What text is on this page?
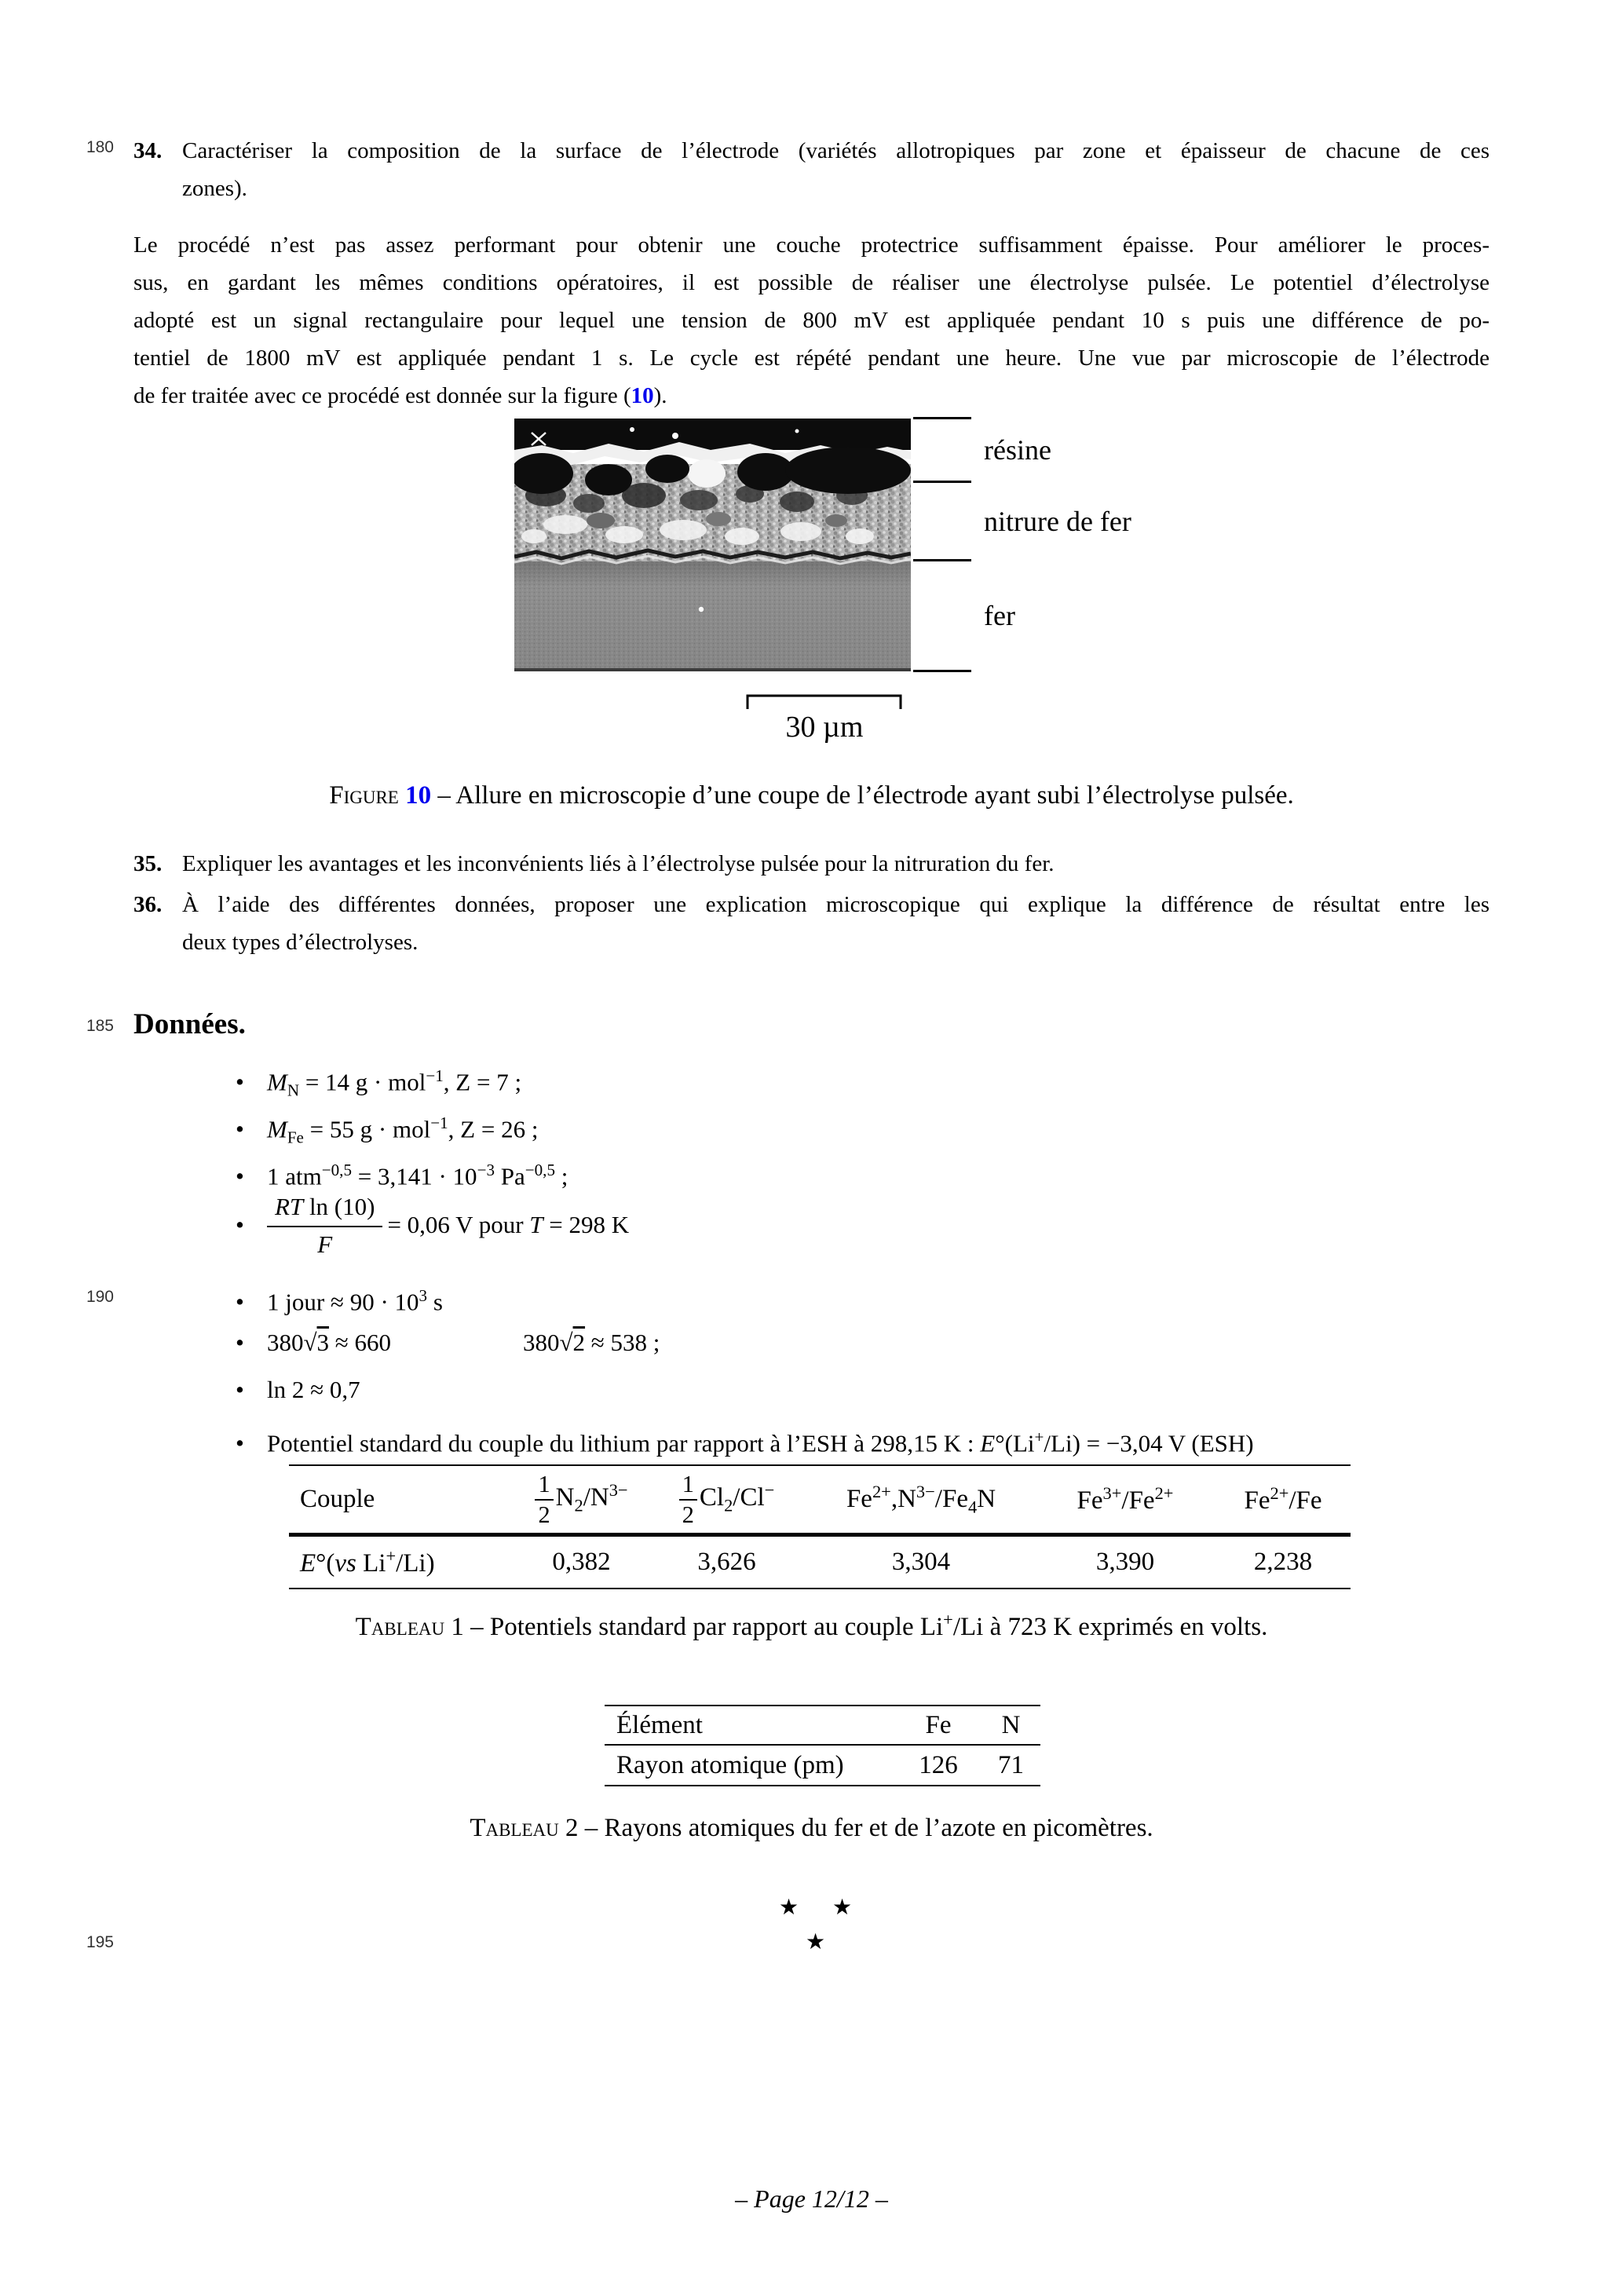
180
185
190
195
34. Caractériser la composition de la surface de l’électrode (variétés allotropiques par zone et épaisseur de chacune de ces
zones).
Le procédé n’est pas assez performant pour obtenir une couche protectrice suffisamment épaisse. Pour améliorer le proces-
sus, en gardant les mêmes conditions opératoires, il est possible de réaliser une électrolyse pulsée. Le potentiel d’électrolyse
adopté est un signal rectangulaire pour lequel une tension de 800 mV est appliquée pendant 10 s puis une différence de po-
tentiel de 1800 mV est appliquée pendant 1 s. Le cycle est répété pendant une heure. Une vue par microscopie de l’électrode
de fer traitée avec ce procédé est donnée sur la figure (10).
résine
nitrure de fer
fer
30 µm
Figure 10 – Allure en microscopie d’une coupe de l’électrode ayant subi l’électrolyse pulsée.
35. Expliquer les avantages et les inconvénients liés à l’électrolyse pulsée pour la nitruration du fer.
36. À l’aide des différentes données, proposer une explication microscopique qui explique la différence de résultat entre les
deux types d’électrolyses.
Données.
• $M_N = 14$ g · mol$^{-1}$, Z = 7 ;
• $M_{Fe} = 55$ g · mol$^{-1}$, Z = 26 ;
• 1 $atm^{-0,5} = 3,141 \cdot 10^{-3}$ $Pa^{-0,5}$ ;
• $\frac{\text{RT ln (10)}}{F} = 0,06$ V pour T = 298 K
• 1 jour ≈ $90 \cdot 10^3$ s
• 380√3 ≈ 660	380√2 ≈ 538 ;
• ln 2 ≈ 0,7
• Potentiel standard du couple du lithium par rapport à l’ESH à 298,15 K : E°(Li+/Li) = −3,04 V (ESH)
Couple	$\frac{1}{2} N_2/N^{3-}$	$\frac{1}{2} Cl_2/Cl^-$	$Fe^{2+},N^{3-}/Fe_4N$	$Fe^{3+}/Fe^{2+}$	$Fe^{2+}/Fe$
E°(vs Li+/Li)	0,382	3,626	3,304	3,390	2,238
Tableau 1 – Potentiels standard par rapport au couple Li+/Li à 723 K exprimés en volts.
Élément	Fe	N
Rayon atomique (pm)	126	71
Tableau 2 – Rayons atomiques du fer et de l’azote en picomètres.
★ ★
★
– Page 12/12 –
